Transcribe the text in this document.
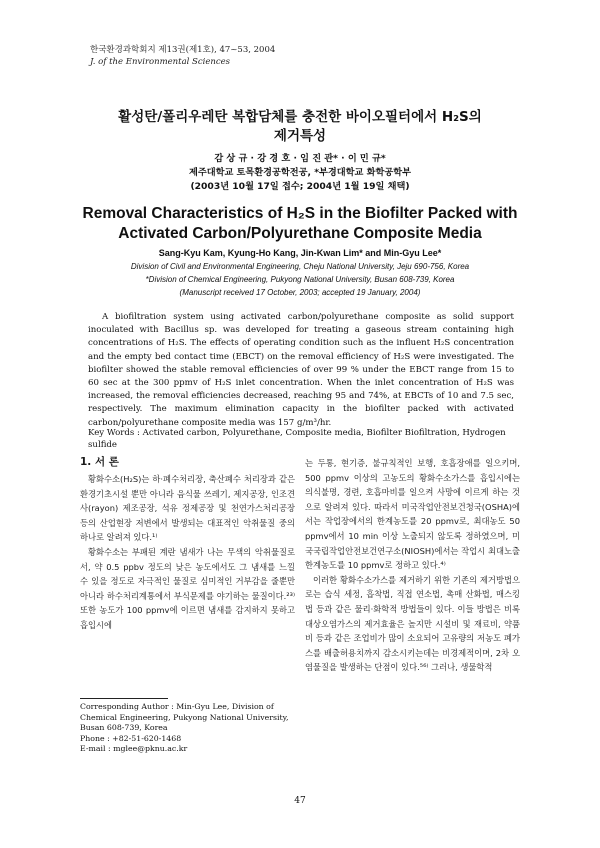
한국환경과학회지 제13권(제1호), 47~53, 2004
J. of the Environmental Sciences
활성탄/폴리우레탄 복합담체를 충전한 바이오필터에서 H₂S의
제거특성
감 상 규 · 강 경 호 · 임 진 관* · 이 민 규*
제주대학교 토목환경공학전공, *부경대학교 화학공학부
(2003년 10월 17일 접수; 2004년 1월 19일 채택)
Removal Characteristics of H₂S in the Biofilter Packed with
Activated Carbon/Polyurethane Composite Media
Sang-Kyu Kam, Kyung-Ho Kang, Jin-Kwan Lim* and Min-Gyu Lee*
Division of Civil and Environmental Engineering, Cheju National University, Jeju 690-756, Korea
*Division of Chemical Engineering, Pukyong National University, Busan 608-739, Korea
(Manuscript received 17 October, 2003; accepted 19 January, 2004)

A biofiltration system using activated carbon/polyurethane composite as solid support inoculated with Bacillus sp. was developed for treating a gaseous stream containing high concentrations of H₂S. The effects of operating condition such as the influent H₂S concentration and the empty bed contact time (EBCT) on the removal efficiency of H₂S were investigated. The biofilter showed the stable removal efficiencies of over 99 % under the EBCT range from 15 to 60 sec at the 300 ppmv of H₂S inlet concentration. When the inlet concentration of H₂S was increased, the removal efficiencies decreased, reaching 95 and 74%, at EBCTs of 10 and 7.5 sec, respectively. The maximum elimination capacity in the biofilter packed with activated carbon/polyurethane composite media was 157 g/m³/hr.

Key Words : Activated carbon, Polyurethane, Composite media, Biofilter Biofiltration, Hydrogen sulfide
1. 서 론

황화수소(H₂S)는 하·폐수처리장, 축산폐수 처리장과 같은 환경기초시설 뿐만 아니라 음식물 쓰레기, 제지공장, 인조견사(rayon) 제조공장, 석유 정제공장 및 천연가스처리공장 등의 산업현장 저변에서 발생되는 대표적인 악취물질 중의 하나로 알려져 있다.¹⁾

황화수소는 부패된 계란 냄새가 나는 무색의 악취물질로서, 약 0.5 ppbv 정도의 낮은 농도에서도 그 냄새를 느낄 수 있을 정도로 자극적인 물질로 심미적인 거부감을 줄뿐만 아니라 하수처리계통에서 부식문제를 야기하는 물질이다.²³⁾ 또한 농도가 100 ppmv에 이르면 냄새를 감지하지 못하고 흡입시에

는 두통, 현기증, 불규칙적인 보행, 호흡장애를 일으키며, 500 ppmv 이상의 고농도의 황화수소가스를 흡입시에는 의식불명, 경련, 호흡마비를 일으켜 사망에 이르게 하는 것으로 알려져 있다. 따라서 미국작업안전보건청국(OSHA)에서는 작업장에서의 한계농도를 20 ppmv로, 최대농도 50 ppmv에서 10 min 이상 노출되지 않도록 정하였으며, 미국국립작업안전보건연구소(NIOSH)에서는 작업시 최대노출한계농도를 10 ppmv로 정하고 있다.⁴⁾

이러한 황화수소가스를 제거하기 위한 기존의 제거방법으로는 습식 세정, 흡착법, 직접 연소법, 촉매 산화법, 매스킹법 등과 같은 물리·화학적 방법들이 있다. 이들 방법은 비록 대상오염가스의 제거효율은 높지만 시설비 및 재료비, 약품비 등과 같은 조업비가 많이 소요되어 고유량의 저농도 폐가스를 배출허용치까지 감소시키는데는 비경제적이며, 2차 오염물질을 발생하는 단점이 있다.⁵⁶⁾ 그러나, 생물학적

Corresponding Author : Min-Gyu Lee, Division of Chemical Engineering, Pukyong National University, Busan 608-739, Korea
Phone : +82-51-620-1468
E-mail : mglee@pknu.ac.kr
47
